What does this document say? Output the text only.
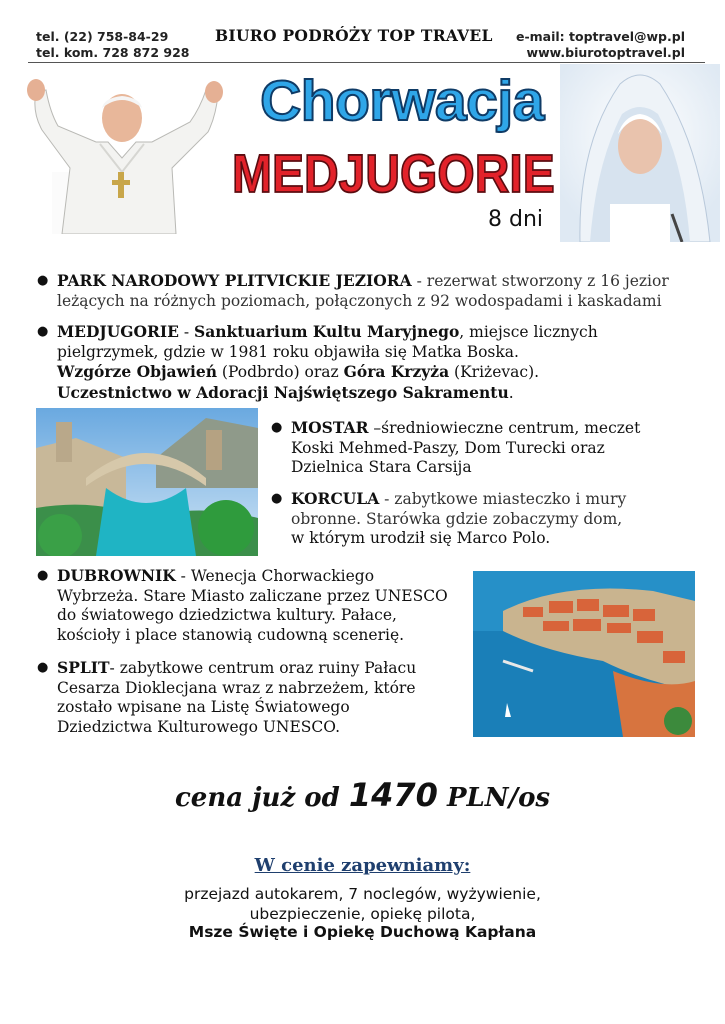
tel. (22) 758-84-29
tel. kom. 728 872 928
BIURO PODRÓŻY TOP TRAVEL e-mail: toptravel@wp.pl
www.biurotoptravel.pl
Chorwacja
MEDJUGORIE
8 dni
● PARK NARODOWY PLITVICKIE JEZIORA - rezerwat stworzony z 16 jezior leżących na różnych poziomach, połączonych z 92 wodospadami i kaskadami
● MEDJUGORIE - Sanktuarium Kultu Maryjnego, miejsce licznych pielgrzymek, gdzie w 1981 roku objawiła się Matka Boska.
Wzgórze Objawień (Podbrdo) oraz Góra Krzyża (Kriżevac).
Uczestnictwo w Adoracji Najświętszego Sakramentu.
● MOSTAR –średniowieczne centrum, meczet Koski Mehmed-Paszy, Dom Turecki oraz Dzielnica Stara Carsija
● KORCULA - zabytkowe miasteczko i mury obronne. Starówka gdzie zobaczymy dom,
w którym urodził się Marco Polo.
● DUBROWNIK - Wenecja Chorwackiego Wybrzeża. Stare Miasto zaliczane przez UNESCO do światowego dziedzictwa kultury. Pałace, kościoły i place stanowią cudowną scenerię.
● SPLIT- zabytkowe centrum oraz ruiny Pałacu Cesarza Dioklecjana wraz z nabrzeżem, które zostało wpisane na Listę Światowego Dziedzictwa Kulturowego UNESCO.
cena już od 1470 PLN/os
W cenie zapewniamy:
przejazd autokarem, 7 noclegów, wyżywienie,
ubezpieczenie, opiekę pilota,
Msze Święte i Opiekę Duchową Kapłana
